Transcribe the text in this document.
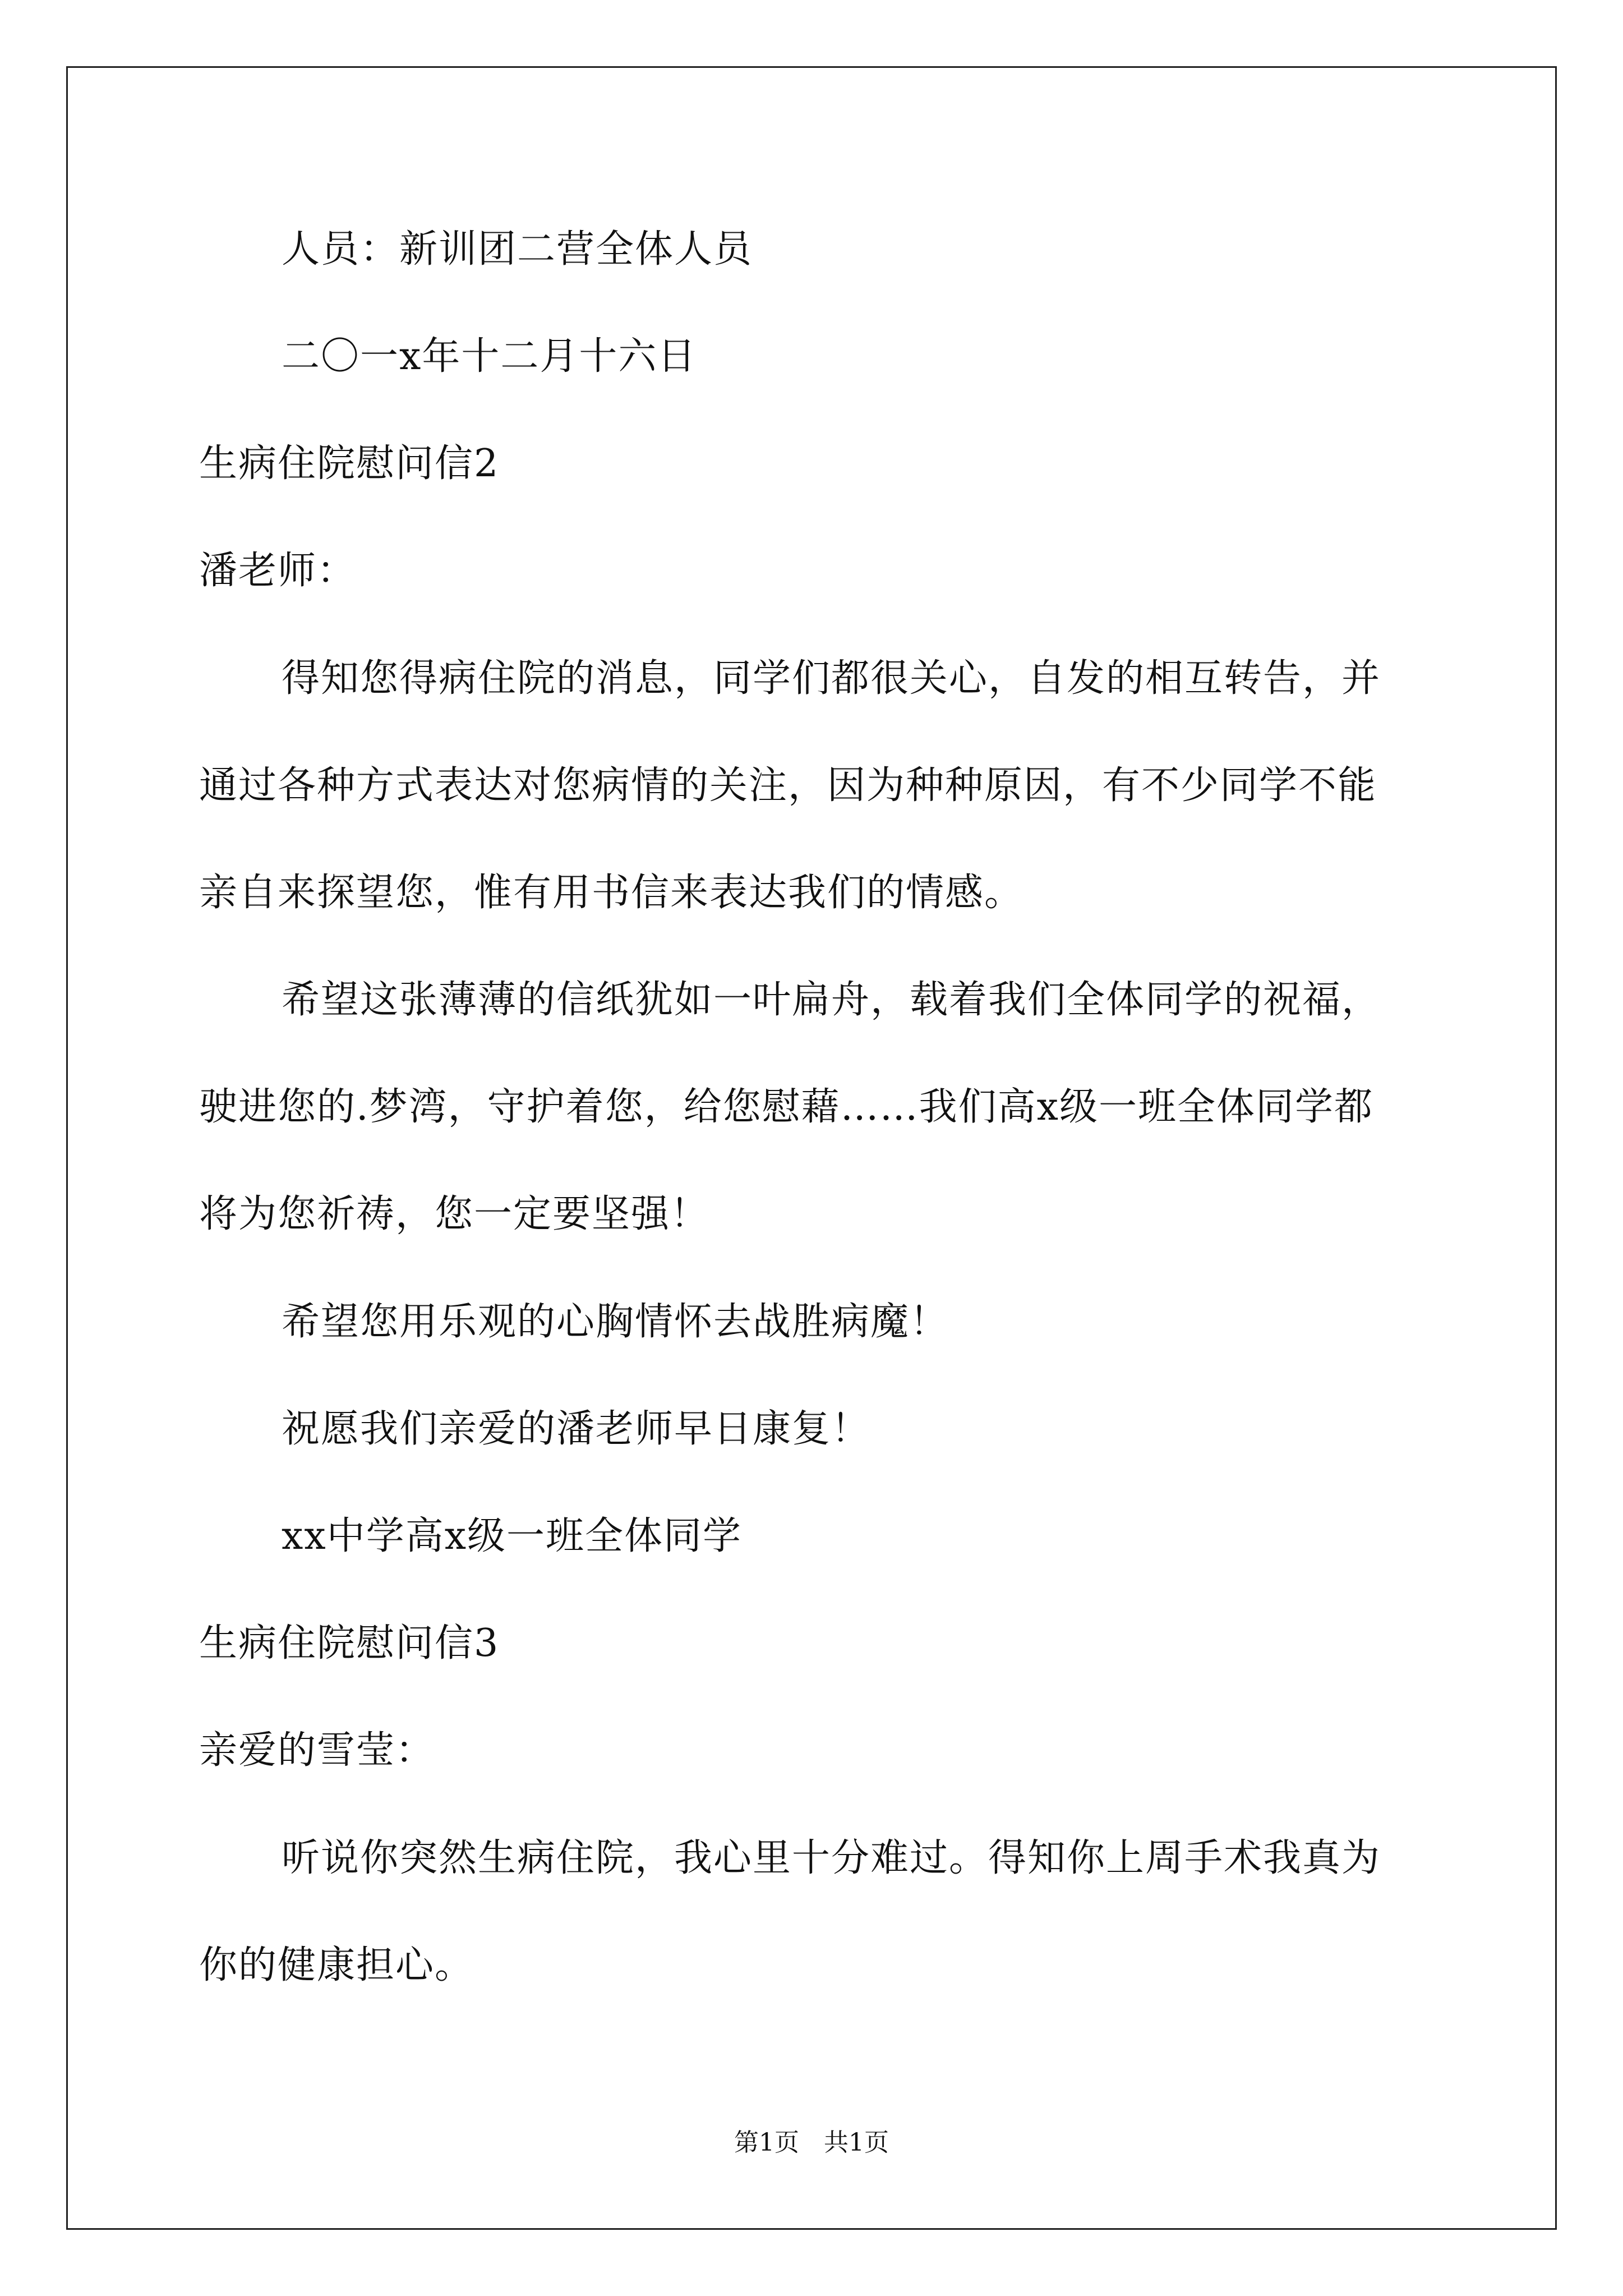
人员：新训团二营全体人员
二〇一x年十二月十六日
生病住院慰问信2
潘老师：
得知您得病住院的消息，同学们都很关心，自发的相互转告，并
通过各种方式表达对您病情的关注，因为种种原因，有不少同学不能
亲自来探望您，惟有用书信来表达我们的情感。
希望这张薄薄的信纸犹如一叶扁舟，载着我们全体同学的祝福，
驶进您的.梦湾，守护着您，给您慰藉……我们高x级一班全体同学都
将为您祈祷，您一定要坚强！
希望您用乐观的心胸情怀去战胜病魔！
祝愿我们亲爱的潘老师早日康复！
xx中学高x级一班全体同学
生病住院慰问信3
亲爱的雪莹：
听说你突然生病住院，我心里十分难过。得知你上周手术我真为
你的健康担心。
第1页　共1页
